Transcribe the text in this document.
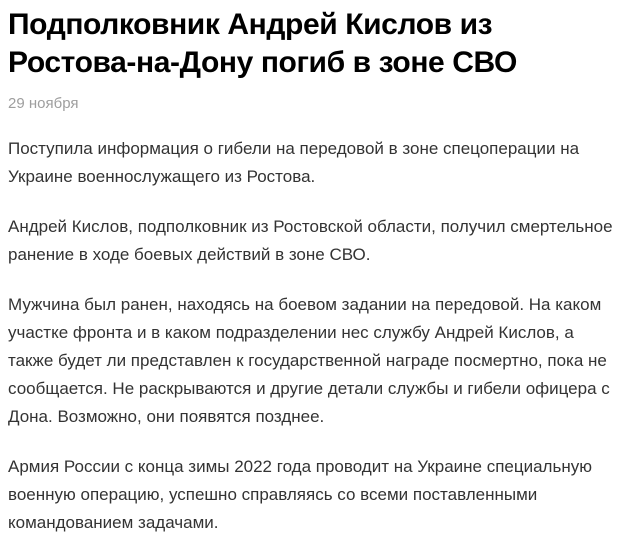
Подполковник Андрей Кислов из Ростова-на-Дону погиб в зоне СВО
29 ноября

Поступила информация о гибели на передовой в зоне спецоперации на Украине военнослужащего из Ростова.

Андрей Кислов, подполковник из Ростовской области, получил смертельное ранение в ходе боевых действий в зоне СВО.

Мужчина был ранен, находясь на боевом задании на передовой. На каком участке фронта и в каком подразделении нес службу Андрей Кислов, а также будет ли представлен к государственной награде посмертно, пока не сообщается. Не раскрываются и другие детали службы и гибели офицера с Дона. Возможно, они появятся позднее.

Армия России с конца зимы 2022 года проводит на Украине специальную военную операцию, успешно справляясь со всеми поставленными командованием задачами.
